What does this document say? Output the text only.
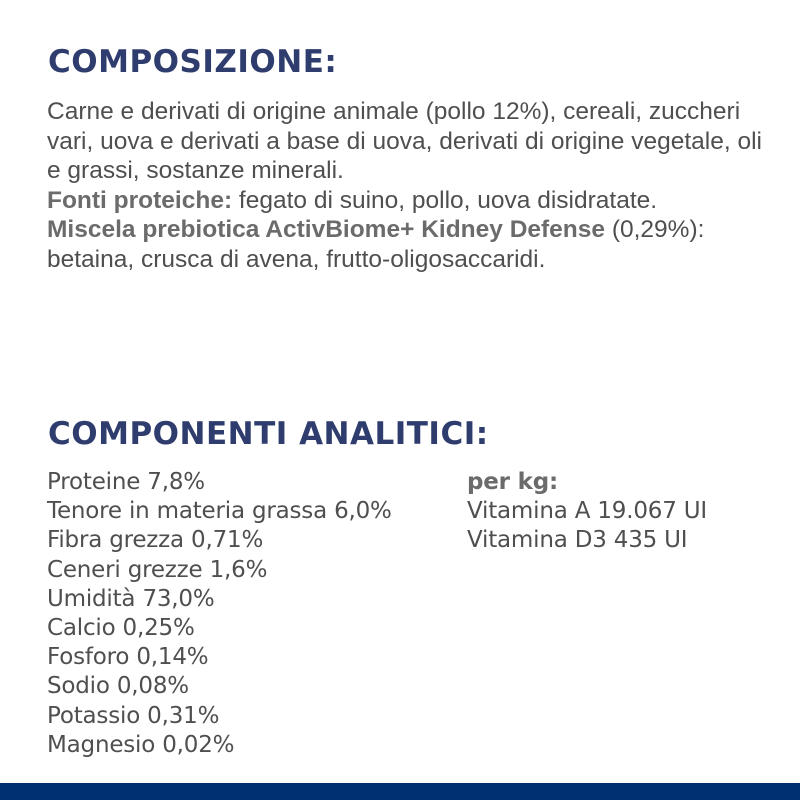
COMPOSIZIONE:

Carne e derivati di origine animale (pollo 12%), cereali, zuccheri vari, uova e derivati a base di uova, derivati di origine vegetale, oli e grassi, sostanze minerali.

Fonti proteiche: fegato di suino, pollo, uova disidratate.

Miscela prebiotica ActivBiome+ Kidney Defense (0,29%): betaina, crusca di avena, frutto-oligosaccaridi.

COMPONENTI ANALITICI:
Proteine 7,8%
Tenore in materia grassa 6,0%
Fibra grezza 0,71%
Ceneri grezze 1,6%
Umidità 73,0%
Calcio 0,25%
Fosforo 0,14%
Sodio 0,08%
Potassio 0,31%
Magnesio 0,02%
per kg:
Vitamina A 19.067 UI
Vitamina D3 435 UI
